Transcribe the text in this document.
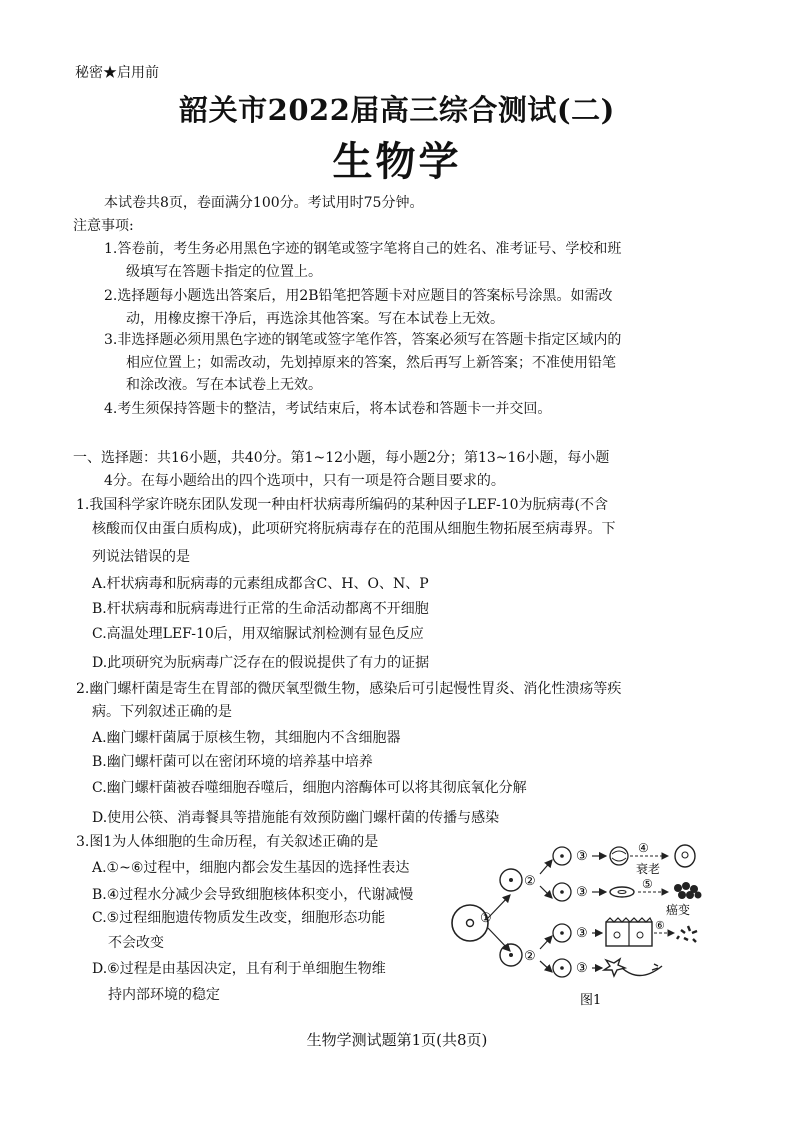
秘密★启用前
韶关市2022届高三综合测试(二)
生物学
本试卷共8页，卷面满分100分。考试用时75分钟。
注意事项:
1.答卷前，考生务必用黑色字迹的钢笔或签字笔将自己的姓名、准考证号、学校和班
级填写在答题卡指定的位置上。
2.选择题每小题选出答案后，用2B铅笔把答题卡对应题目的答案标号涂黑。如需改
动，用橡皮擦干净后，再选涂其他答案。写在本试卷上无效。
3.非选择题必须用黑色字迹的钢笔或签字笔作答，答案必须写在答题卡指定区域内的
相应位置上；如需改动，先划掉原来的答案，然后再写上新答案；不准使用铅笔
和涂改液。写在本试卷上无效。
4.考生须保持答题卡的整洁，考试结束后，将本试卷和答题卡一并交回。
一、选择题：共16小题，共40分。第1~12小题，每小题2分；第13~16小题，每小题
4分。在每小题给出的四个选项中，只有一项是符合题目要求的。
1.我国科学家许晓东团队发现一种由杆状病毒所编码的某种因子LEF-10为朊病毒(不含
核酸而仅由蛋白质构成)，此项研究将朊病毒存在的范围从细胞生物拓展至病毒界。下
列说法错误的是
A.杆状病毒和朊病毒的元素组成都含C、H、O、N、P
B.杆状病毒和朊病毒进行正常的生命活动都离不开细胞
C.高温处理LEF-10后，用双缩脲试剂检测有显色反应
D.此项研究为朊病毒广泛存在的假说提供了有力的证据
2.幽门螺杆菌是寄生在胃部的微厌氧型微生物，感染后可引起慢性胃炎、消化性溃疡等疾
病。下列叙述正确的是
A.幽门螺杆菌属于原核生物，其细胞内不含细胞器
B.幽门螺杆菌可以在密闭环境的培养基中培养
C.幽门螺杆菌被吞噬细胞吞噬后，细胞内溶酶体可以将其彻底氧化分解
D.使用公筷、消毒餐具等措施能有效预防幽门螺杆菌的传播与感染
3.图1为人体细胞的生命历程，有关叙述正确的是
A.①~⑥过程中，细胞内都会发生基因的选择性表达
B.④过程水分减少会导致细胞核体积变小，代谢减慢
C.⑤过程细胞遗传物质发生改变，细胞形态功能
不会改变
D.⑥过程是由基因决定，且有利于单细胞生物维
持内部环境的稳定
①
②
②
③
④
衰老
③
⑤
癌变
③
⑥
③
图1
生物学测试题第1页(共8页)
